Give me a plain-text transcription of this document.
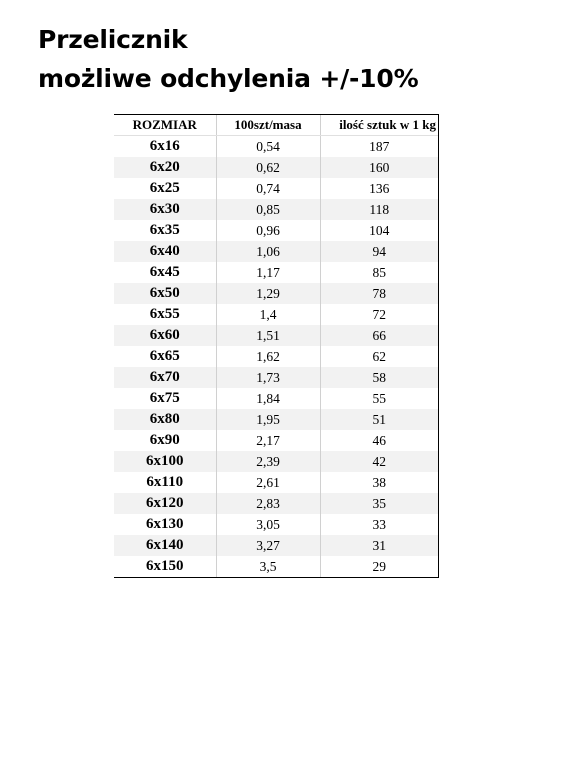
Przelicznik
możliwe odchylenia +/-10%
ROZMIAR	100szt/masa	ilość sztuk w 1 kg
6x16	0,54	187
6x20	0,62	160
6x25	0,74	136
6x30	0,85	118
6x35	0,96	104
6x40	1,06	94
6x45	1,17	85
6x50	1,29	78
6x55	1,4	72
6x60	1,51	66
6x65	1,62	62
6x70	1,73	58
6x75	1,84	55
6x80	1,95	51
6x90	2,17	46
6x100	2,39	42
6x110	2,61	38
6x120	2,83	35
6x130	3,05	33
6x140	3,27	31
6x150	3,5	29
